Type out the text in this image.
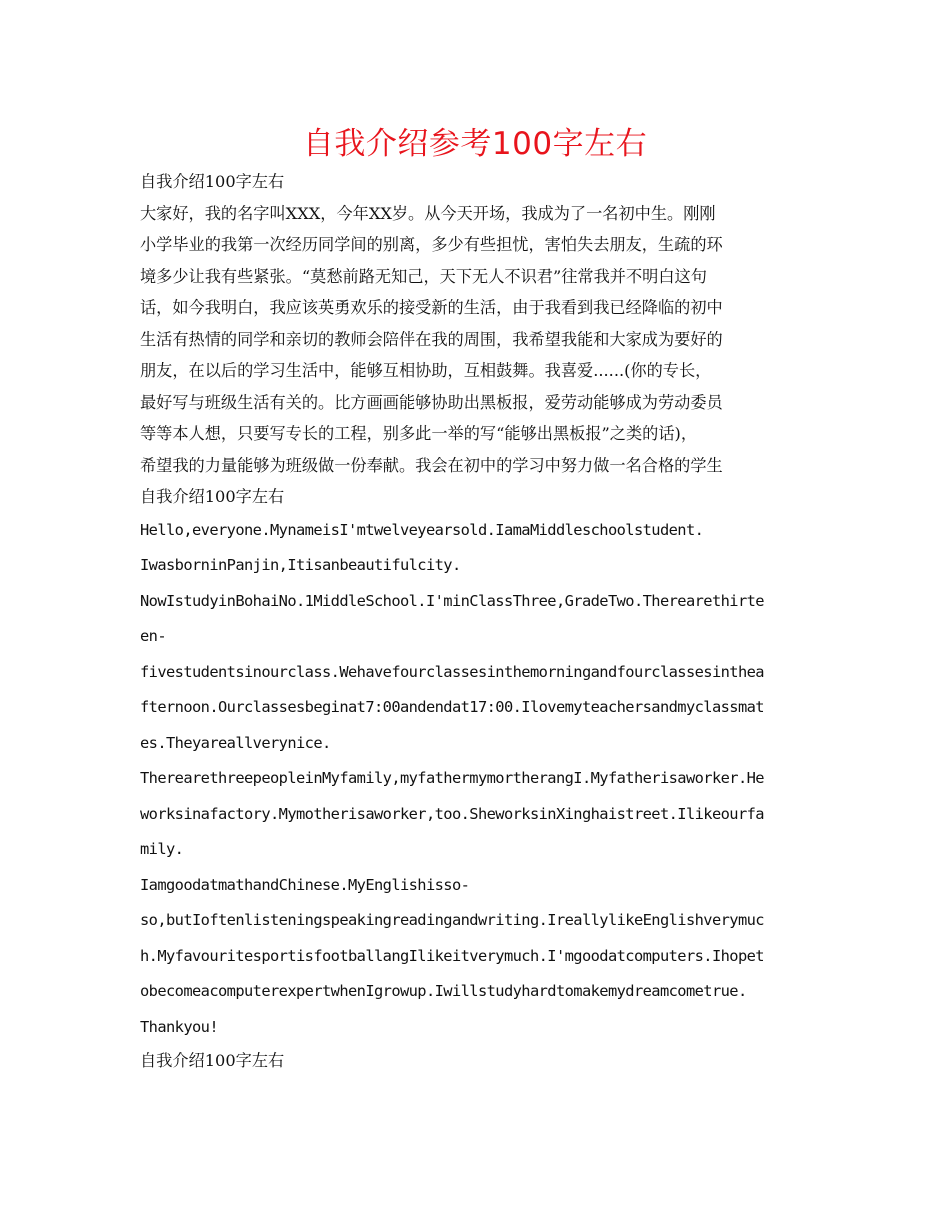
自我介绍参考100字左右
自我介绍100字左右
大家好，我的名字叫XXX，今年XX岁。从今天开场，我成为了一名初中生。刚刚
小学毕业的我第一次经历同学间的别离，多少有些担忧，害怕失去朋友，生疏的环
境多少让我有些紧张。“莫愁前路无知己，天下无人不识君”往常我并不明白这句
话，如今我明白，我应该英勇欢乐的接受新的生活，由于我看到我已经降临的初中
生活有热情的同学和亲切的教师会陪伴在我的周围，我希望我能和大家成为要好的
朋友，在以后的学习生活中，能够互相协助，互相鼓舞。我喜爱......(你的专长，
最好写与班级生活有关的。比方画画能够协助出黑板报，爱劳动能够成为劳动委员
等等本人想，只要写专长的工程，别多此一举的写“能够出黑板报”之类的话)，
希望我的力量能够为班级做一份奉献。我会在初中的学习中努力做一名合格的学生
自我介绍100字左右
Hello,everyone.MynameisI'mtwelveyearsold.IamaMiddleschoolstudent.
IwasborninPanjin,Itisanbeautifulcity.
NowIstudyinBohaiNo.1MiddleSchool.I'minClassThree,GradeTwo.Therearethirte
en-
fivestudentsinourclass.Wehavefourclassesinthemorningandfourclassesinthea
fternoon.Ourclassesbeginat7:00andendat17:00.Ilovemyteachersandmyclassmat
es.Theyareallverynice.
TherearethreepeopleinMyfamily,myfathermymortherangI.Myfatherisaworker.He
worksinafactory.Mymotherisaworker,too.SheworksinXinghaistreet.Ilikeourfa
mily.
IamgoodatmathandChinese.MyEnglishisso-
so,butIoftenlisteningspeakingreadingandwriting.IreallylikeEnglishverymuc
h.MyfavouritesportisfootballangIlikeitverymuch.I'mgoodatcomputers.Ihopet
obecomeacomputerexpertwhenIgrowup.Iwillstudyhardtomakemydreamcometrue.
Thankyou!
自我介绍100字左右
